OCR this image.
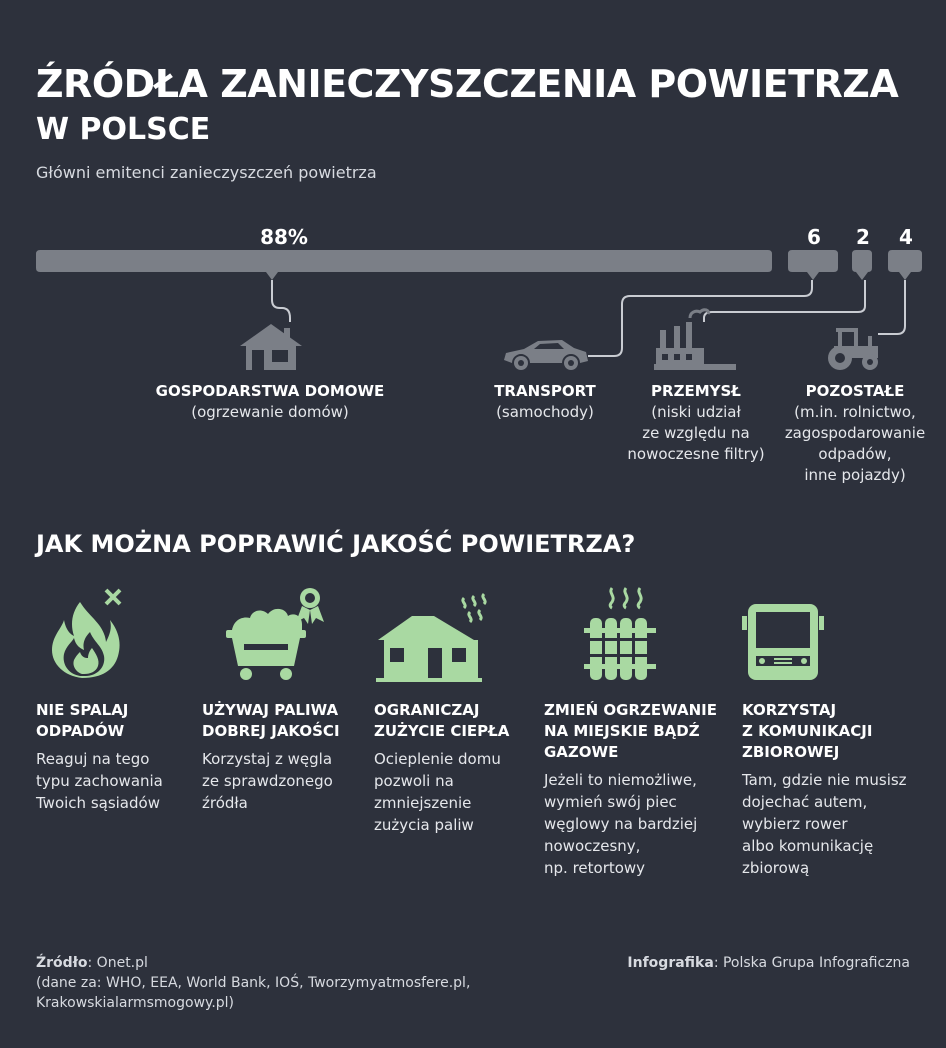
ŹRÓDŁA ZANIECZYSZCZENIA POWIETRZA
W POLSCE
Główni emitenci zanieczyszczeń powietrza
88%	6	2	4
GOSPODARSTWA DOMOWE
(ogrzewanie domów)
TRANSPORT
(samochody)
PRZEMYSŁ
(niski udział
ze względu na
nowoczesne filtry)
POZOSTAŁE
(m.in. rolnictwo,
zagospodarowanie
odpadów,
inne pojazdy)
JAK MOŻNA POPRAWIĆ JAKOŚĆ POWIETRZA?
NIE SPALAJ
ODPADÓW
Reaguj na tego
typu zachowania
Twoich sąsiadów
UŻYWAJ PALIWA
DOBREJ JAKOŚCI
Korzystaj z węgla
ze sprawdzonego
źródła
OGRANICZAJ
ZUŻYCIE CIEPŁA
Ocieplenie domu
pozwoli na
zmniejszenie
zużycia paliw
ZMIEŃ OGRZEWANIE
NA MIEJSKIE BĄDŹ
GAZOWE
Jeżeli to niemożliwe,
wymień swój piec
węglowy na bardziej
nowoczesny,
np. retortowy
KORZYSTAJ
Z KOMUNIKACJI
ZBIOROWEJ
Tam, gdzie nie musisz
dojechać autem,
wybierz rower
albo komunikację
zbiorową
Źródło: Onet.pl
(dane za: WHO, EEA, World Bank, IOŚ, Tworzymyatmosfere.pl,
Krakowskialarmsmogowy.pl)
Infografika: Polska Grupa Infograficzna
